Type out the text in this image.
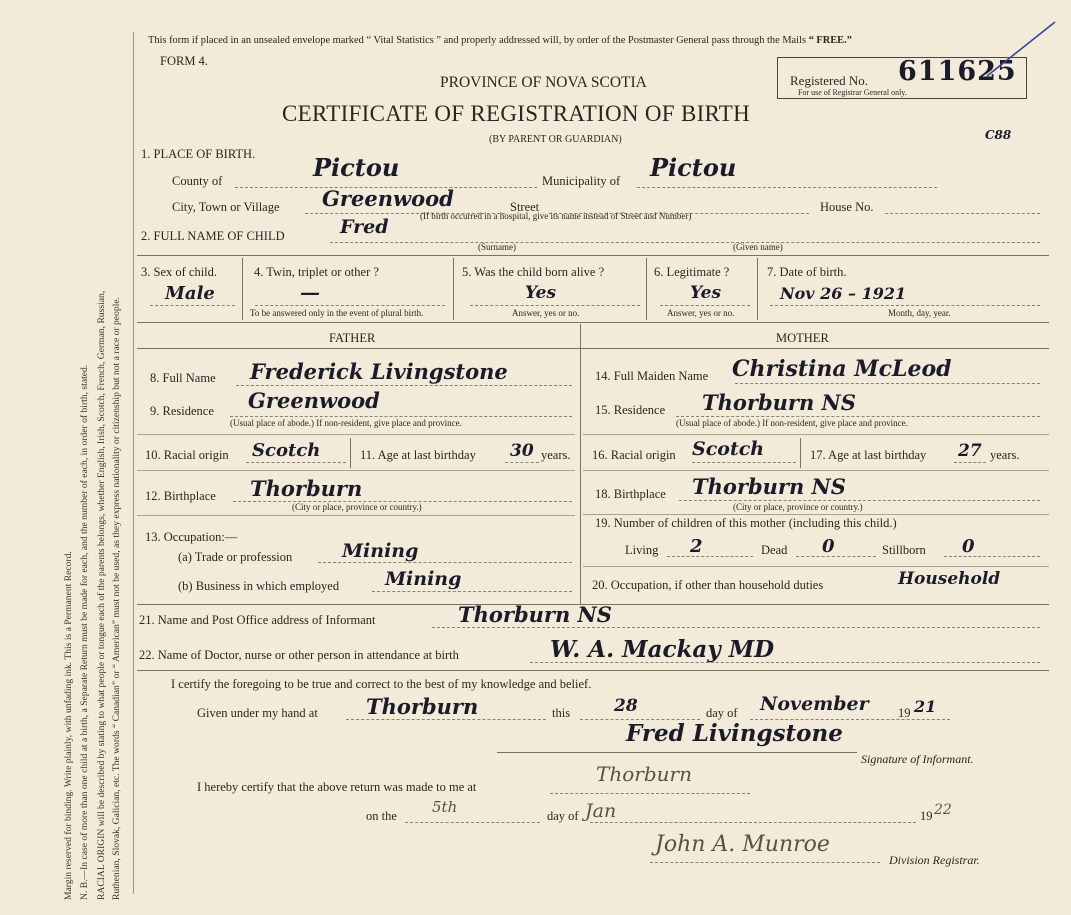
Margin reserved for binding. Write plainly, with unfading ink. This is a Permanent Record. N. B.—In case of more than one child at a birth, a Separate Return must be made for each, and the number of each, in order of birth, stated. RACIAL ORIGIN will be described by stating to what people or tongue each of the parents belongs, whether English, Irish, Scotch, French, German, Russian, Ruthenian, Slovak, Galician, etc. The words “ Canadian” or “ American” must not be used, as they express nationality or citizenship but not a race or people.
This form if placed in an unsealed envelope marked “ Vital Statistics ” and properly addressed will, by order of the Postmaster General pass through the Mails “ FREE.”
FORM 4.
PROVINCE OF NOVA SCOTIA
CERTIFICATE OF REGISTRATION OF BIRTH
(BY PARENT OR GUARDIAN)
Registered No.
For use of Registrar General only.
611625
C88
1. PLACE OF BIRTH.
County of	Pictou	Municipality of Pictou
City, Town or Village Greenwood	Street	House No.
(If birth occurred in a hospital, give its name instead of Street and Number)
2. FULL NAME OF CHILD	Fred
(Surname)	(Given name)
3. Sex of child.
Male
4. Twin, triplet or other ?
—
To be answered only in the event of plural birth.
5. Was the child born alive ?
Yes
Answer, yes or no.
6. Legitimate ?
Yes
Answer, yes or no.
7. Date of birth.
Nov 26 – 1921
Month, day, year.
FATHER	MOTHER
8. Full Name Frederick Livingstone
9. Residence Greenwood
(Usual place of abode.) If non-resident, give place and province.
10. Racial origin Scotch	11. Age at last birthday 30 years.
12. Birthplace Thorburn
(City or place, province or country.)
13. Occupation:—
(a) Trade or profession	Mining
(b) Business in which employed Mining
14. Full Maiden Name Christina McLeod
15. Residence Thorburn NS
(Usual place of abode.) If non-resident, give place and province.
16. Racial origin Scotch	17. Age at last birthday 27 years.
18. Birthplace Thorburn NS
(City or place, province or country.)
19. Number of children of this mother (including this child.)
Living 2	Dead 0	Stillborn 0
20. Occupation, if other than household duties	Household
21. Name and Post Office address of Informant	Thorburn NS
22. Name of Doctor, nurse or other person in attendance at birth	W. A. Mackay MD
I certify the foregoing to be true and correct to the best of my knowledge and belief.
Given under my hand at Thorburn	this	28	day of November 19 21
Fred Livingstone
Signature of Informant.
I hereby certify that the above return was made to me at
Thorburn
on the 5th	day of Jan	19 22
John A. Munroe
Division Registrar.
